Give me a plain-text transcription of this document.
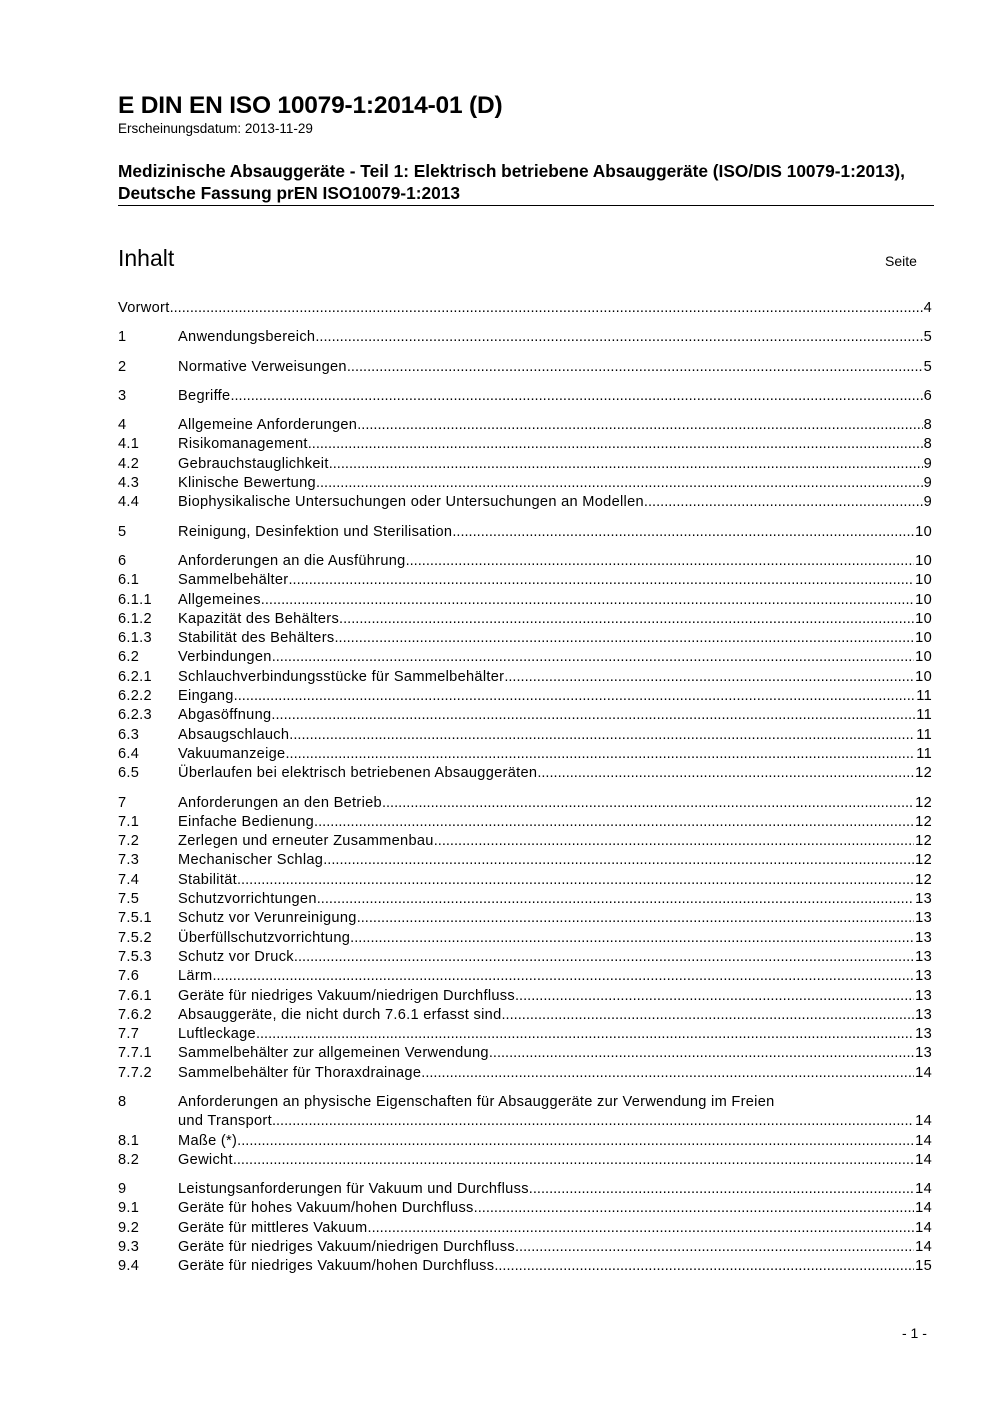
E DIN EN ISO 10079-1:2014-01 (D)
Erscheinungsdatum: 2013-11-29
Medizinische Absauggeräte - Teil 1: Elektrisch betriebene Absauggeräte (ISO/DIS 10079-1:2013), Deutsche Fassung prEN ISO10079-1:2013
Inhalt	Seite
Vorwort .....	4
1	Anwendungsbereich .....	5
2	Normative Verweisungen .....	5
3	Begriffe .....	6
4	Allgemeine Anforderungen .....	8
4.1	Risikomanagement .....	8
4.2	Gebrauchstauglichkeit .....	9
4.3	Klinische Bewertung .....	9
4.4	Biophysikalische Untersuchungen oder Untersuchungen an Modellen .....	9
5	Reinigung, Desinfektion und Sterilisation .....	10
6	Anforderungen an die Ausführung .....	10
6.1	Sammelbehälter .....	10
6.1.1	Allgemeines .....	10
6.1.2	Kapazität des Behälters .....	10
6.1.3	Stabilität des Behälters .....	10
6.2	Verbindungen .....	10
6.2.1	Schlauchverbindungsstücke für Sammelbehälter .....	10
6.2.2	Eingang .....	11
6.2.3	Abgasöffnung .....	11
6.3	Absaugschlauch .....	11
6.4	Vakuumanzeige .....	11
6.5	Überlaufen bei elektrisch betriebenen Absauggeräten .....	12
7	Anforderungen an den Betrieb .....	12
7.1	Einfache Bedienung .....	12
7.2	Zerlegen und erneuter Zusammenbau .....	12
7.3	Mechanischer Schlag .....	12
7.4	Stabilität .....	12
7.5	Schutzvorrichtungen .....	13
7.5.1	Schutz vor Verunreinigung .....	13
7.5.2	Überfüllschutzvorrichtung .....	13
7.5.3	Schutz vor Druck .....	13
7.6	Lärm .....	13
7.6.1	Geräte für niedriges Vakuum/niedrigen Durchfluss .....	13
7.6.2	Absauggeräte, die nicht durch 7.6.1 erfasst sind .....	13
7.7	Luftleckage .....	13
7.7.1	Sammelbehälter zur allgemeinen Verwendung .....	13
7.7.2	Sammelbehälter für Thoraxdrainage .....	14
8	Anforderungen an physische Eigenschaften für Absauggeräte zur Verwendung im Freien
und Transport .....	14
8.1	Maße (*) .....	14
8.2	Gewicht .....	14
9	Leistungsanforderungen für Vakuum und Durchfluss .....	14
9.1	Geräte für hohes Vakuum/hohen Durchfluss .....	14
9.2	Geräte für mittleres Vakuum .....	14
9.3	Geräte für niedriges Vakuum/niedrigen Durchfluss .....	14
9.4	Geräte für niedriges Vakuum/hohen Durchfluss .....	15
- 1 -
